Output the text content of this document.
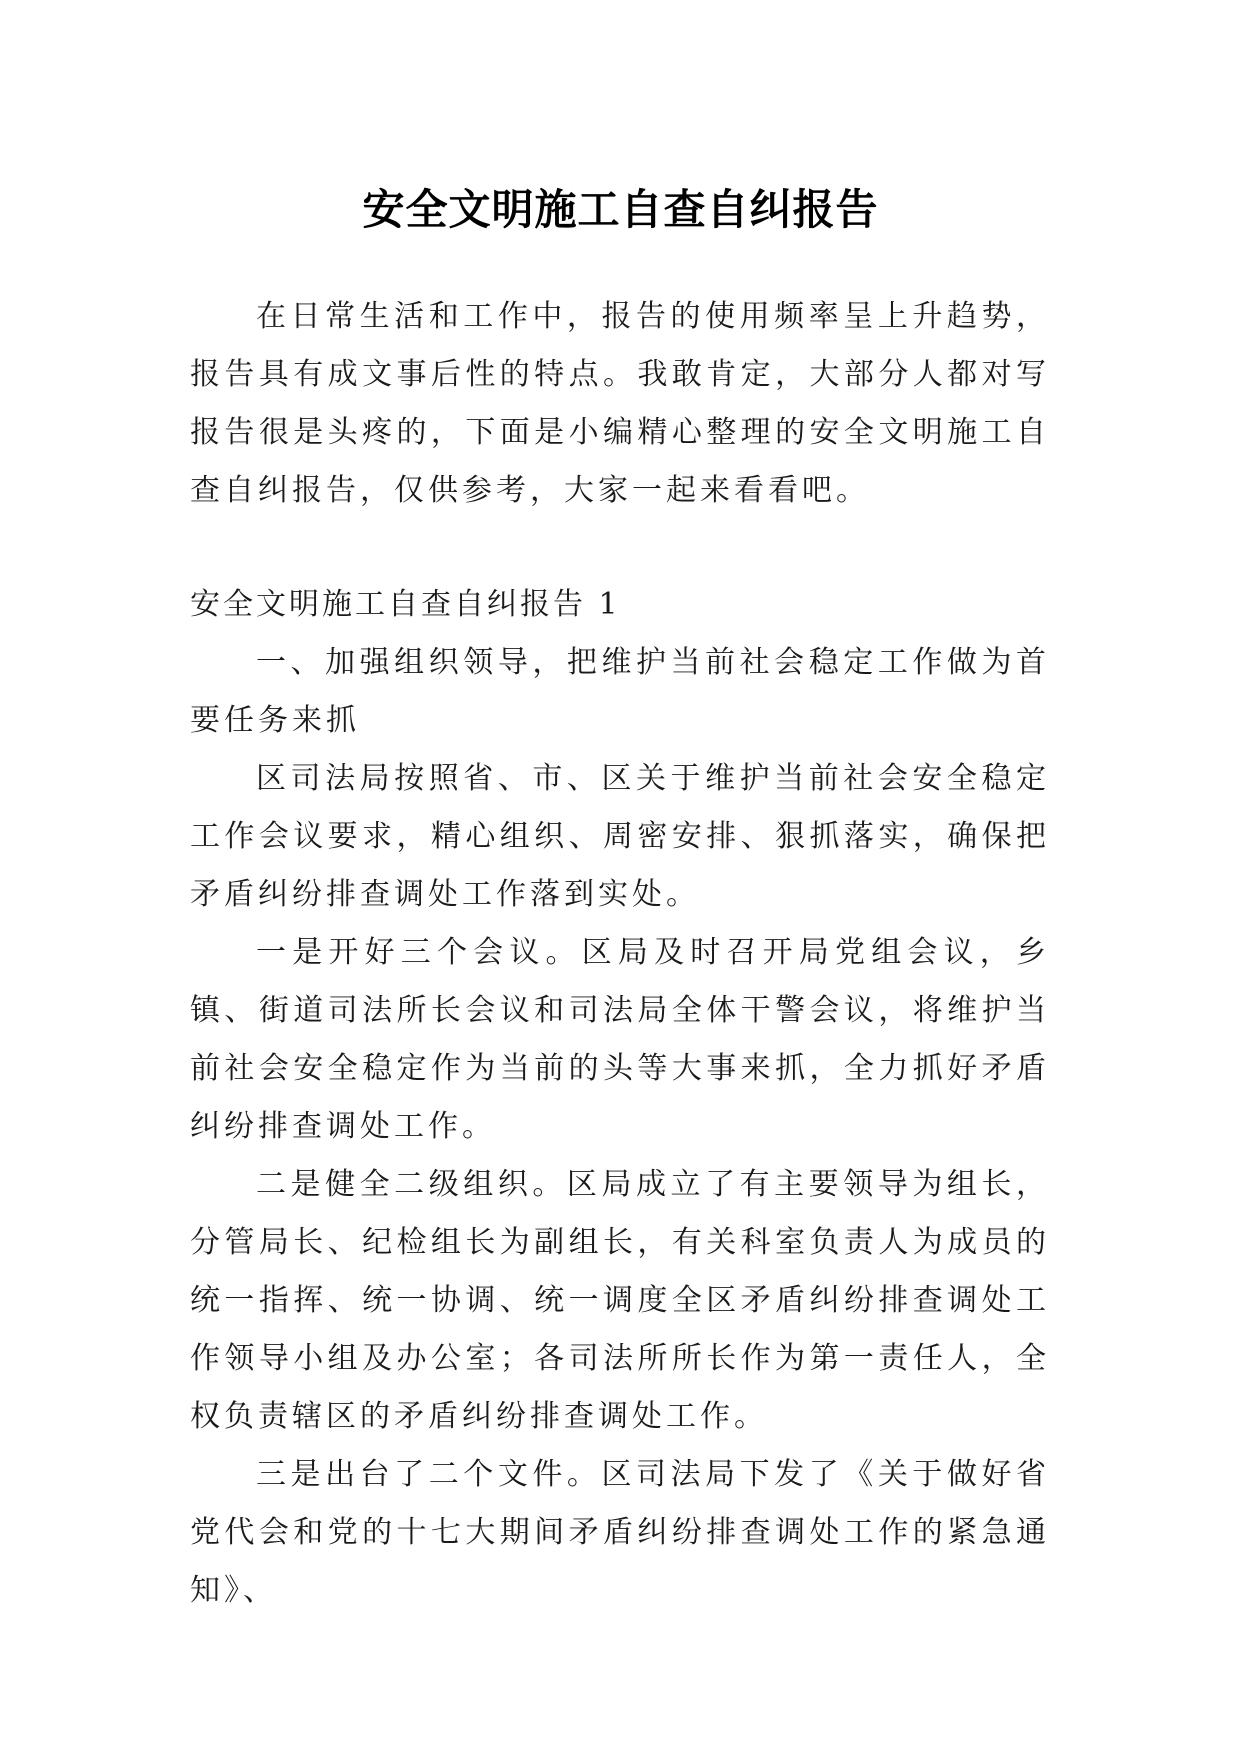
安全文明施工自查自纠报告

在日常生活和工作中，报告的使用频率呈上升趋势，报告具有成文事后性的特点。我敢肯定，大部分人都对写报告很是头疼的，下面是小编精心整理的安全文明施工自查自纠报告，仅供参考，大家一起来看看吧。

安全文明施工自查自纠报告 1

一、加强组织领导，把维护当前社会稳定工作做为首要任务来抓

区司法局按照省、市、区关于维护当前社会安全稳定工作会议要求，精心组织、周密安排、狠抓落实，确保把矛盾纠纷排查调处工作落到实处。

一是开好三个会议。区局及时召开局党组会议，乡镇、街道司法所长会议和司法局全体干警会议，将维护当前社会安全稳定作为当前的头等大事来抓，全力抓好矛盾纠纷排查调处工作。

二是健全二级组织。区局成立了有主要领导为组长，分管局长、纪检组长为副组长，有关科室负责人为成员的统一指挥、统一协调、统一调度全区矛盾纠纷排查调处工作领导小组及办公室；各司法所所长作为第一责任人，全权负责辖区的矛盾纠纷排查调处工作。

三是出台了二个文件。区司法局下发了《关于做好省党代会和党的十七大期间矛盾纠纷排查调处工作的紧急通知》、
